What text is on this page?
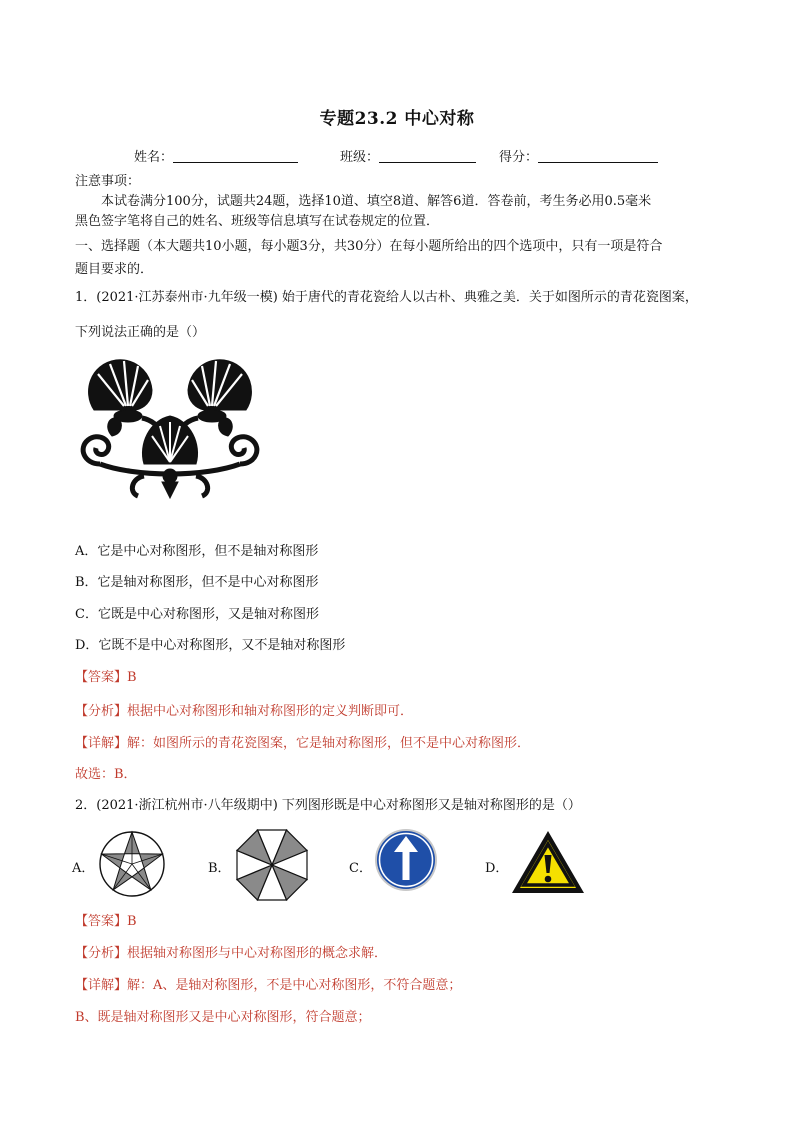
专题23.2 中心对称
姓名：	班级：	得分：
注意事项：
本试卷满分100分，试题共24题，选择10道、填空8道、解答6道．答卷前，考生务必用0.5毫米
黑色签字笔将自己的姓名、班级等信息填写在试卷规定的位置．
一、选择题（本大题共10小题，每小题3分，共30分）在每小题所给出的四个选项中，只有一项是符合
题目要求的．
1．(2021·江苏泰州市·九年级一模) 始于唐代的青花瓷给人以古朴、典雅之美．关于如图所示的青花瓷图案，
下列说法正确的是（）
A．它是中心对称图形，但不是轴对称图形
B．它是轴对称图形，但不是中心对称图形
C．它既是中心对称图形，又是轴对称图形
D．它既不是中心对称图形，又不是轴对称图形
【答案】B
【分析】根据中心对称图形和轴对称图形的定义判断即可．
【详解】解：如图所示的青花瓷图案，它是轴对称图形，但不是中心对称图形．
故选：B．
2．(2021·浙江杭州市·八年级期中) 下列图形既是中心对称图形又是轴对称图形的是（）
A．	B．	C．	D．
【答案】B
【分析】根据轴对称图形与中心对称图形的概念求解．
【详解】解：A、是轴对称图形，不是中心对称图形，不符合题意；
B、既是轴对称图形又是中心对称图形，符合题意；
